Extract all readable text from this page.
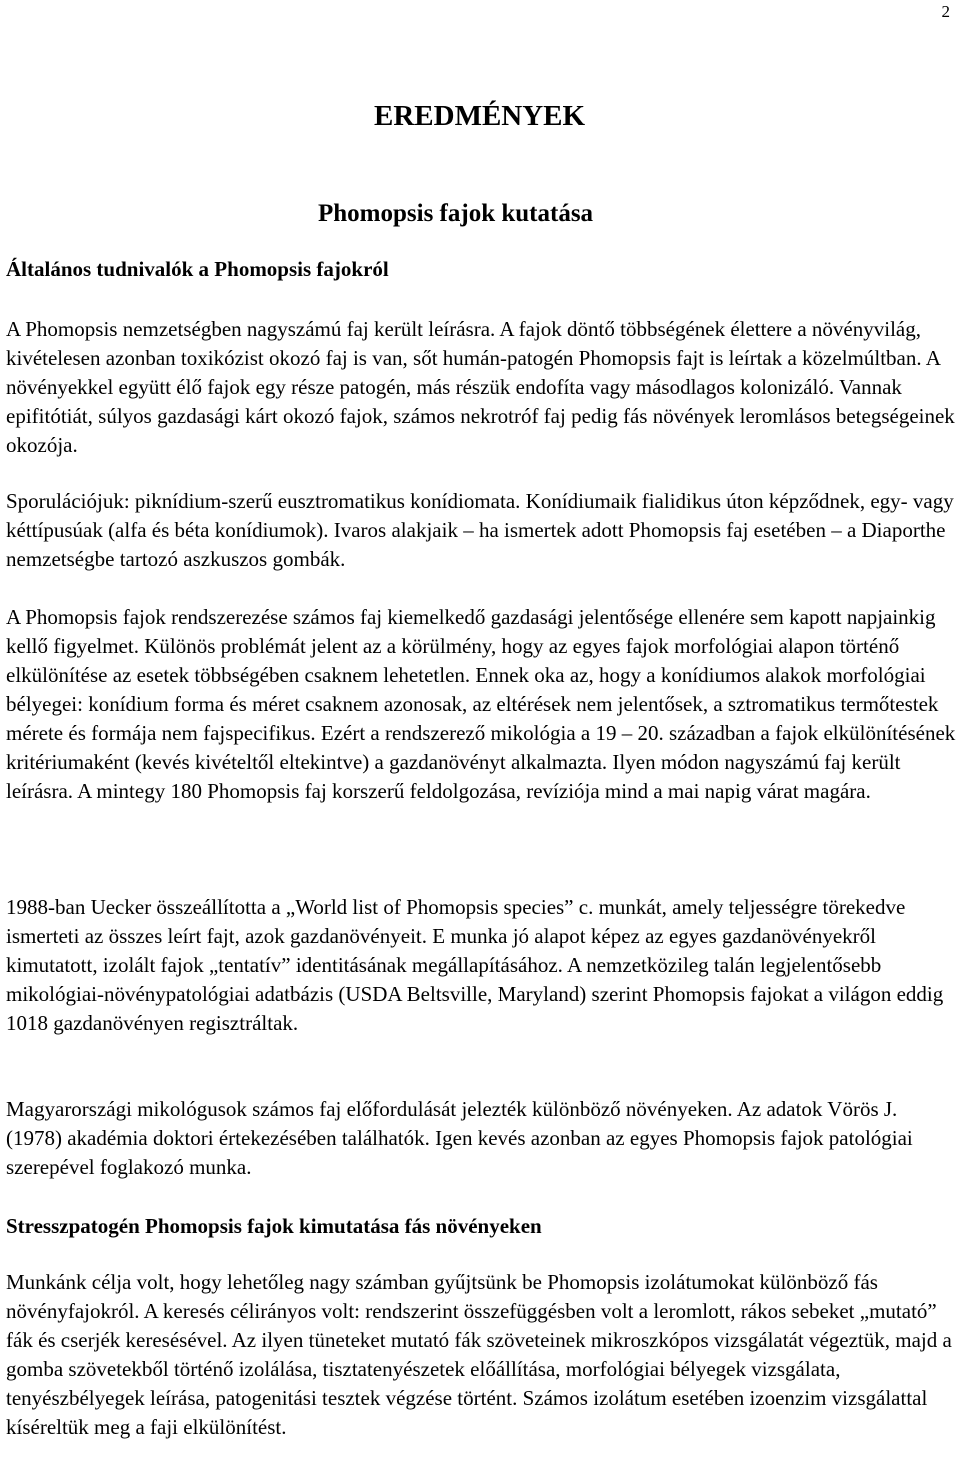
2
EREDMÉNYEK
Phomopsis fajok kutatása
Általános tudnivalók a Phomopsis fajokról

A Phomopsis nemzetségben nagyszámú faj került leírásra. A fajok döntő többségének élettere a növényvilág, kivételesen azonban toxikózist okozó faj is van, sőt humán-patogén Phomopsis fajt is leírtak a közelmúltban. A növényekkel együtt élő fajok egy része patogén, más részük endofíta vagy másodlagos kolonizáló. Vannak epifitótiát, súlyos gazdasági kárt okozó fajok, számos nekrotróf faj pedig fás növények leromlásos betegségeinek okozója.

Sporulációjuk: piknídium-szerű eusztromatikus konídiomata. Konídiumaik fialidikus úton képződnek, egy- vagy kéttípusúak (alfa és béta konídiumok). Ivaros alakjaik – ha ismertek adott Phomopsis faj esetében – a Diaporthe nemzetségbe tartozó aszkuszos gombák.

A Phomopsis fajok rendszerezése számos faj kiemelkedő gazdasági jelentősége ellenére sem kapott napjainkig kellő figyelmet. Különös problémát jelent az a körülmény, hogy az egyes fajok morfológiai alapon történő elkülönítése az esetek többségében csaknem lehetetlen. Ennek oka az, hogy a konídiumos alakok morfológiai bélyegei: konídium forma és méret csaknem azonosak, az eltérések nem jelentősek, a sztromatikus termőtestek mérete és formája nem fajspecifikus. Ezért a rendszerező mikológia a 19 – 20. században a fajok elkülönítésének kritériumaként (kevés kivételtől eltekintve) a gazdanövényt alkalmazta. Ilyen módon nagyszámú faj került leírásra. A mintegy 180 Phomopsis faj korszerű feldolgozása, revíziója mind a mai napig várat magára.

1988-ban Uecker összeállította a „World list of Phomopsis species” c. munkát, amely teljességre törekedve ismerteti az összes leírt fajt, azok gazdanövényeit. E munka jó alapot képez az egyes gazdanövényekről kimutatott, izolált fajok „tentatív” identitásának megállapításához. A nemzetközileg talán legjelentősebb mikológiai-növénypatológiai adatbázis (USDA Beltsville, Maryland) szerint Phomopsis fajokat a világon eddig 1018 gazdanövényen regisztráltak.

Magyarországi mikológusok számos faj előfordulását jelezték különböző növényeken. Az adatok Vörös J. (1978) akadémia doktori értekezésében találhatók. Igen kevés azonban az egyes Phomopsis fajok patológiai szerepével foglakozó munka.

Stresszpatogén Phomopsis fajok kimutatása fás növényeken

Munkánk célja volt, hogy lehetőleg nagy számban gyűjtsünk be Phomopsis izolátumokat különböző fás növényfajokról. A keresés célirányos volt: rendszerint összefüggésben volt a leromlott, rákos sebeket „mutató” fák és cserjék keresésével. Az ilyen tüneteket mutató fák szöveteinek mikroszkópos vizsgálatát végeztük, majd a gomba szövetekből történő izolálása, tisztatenyészetek előállítása, morfológiai bélyegek vizsgálata, tenyészbélyegek leírása, patogenitási tesztek végzése történt. Számos izolátum esetében izoenzim vizsgálattal kíséreltük meg a faji elkülönítést.
